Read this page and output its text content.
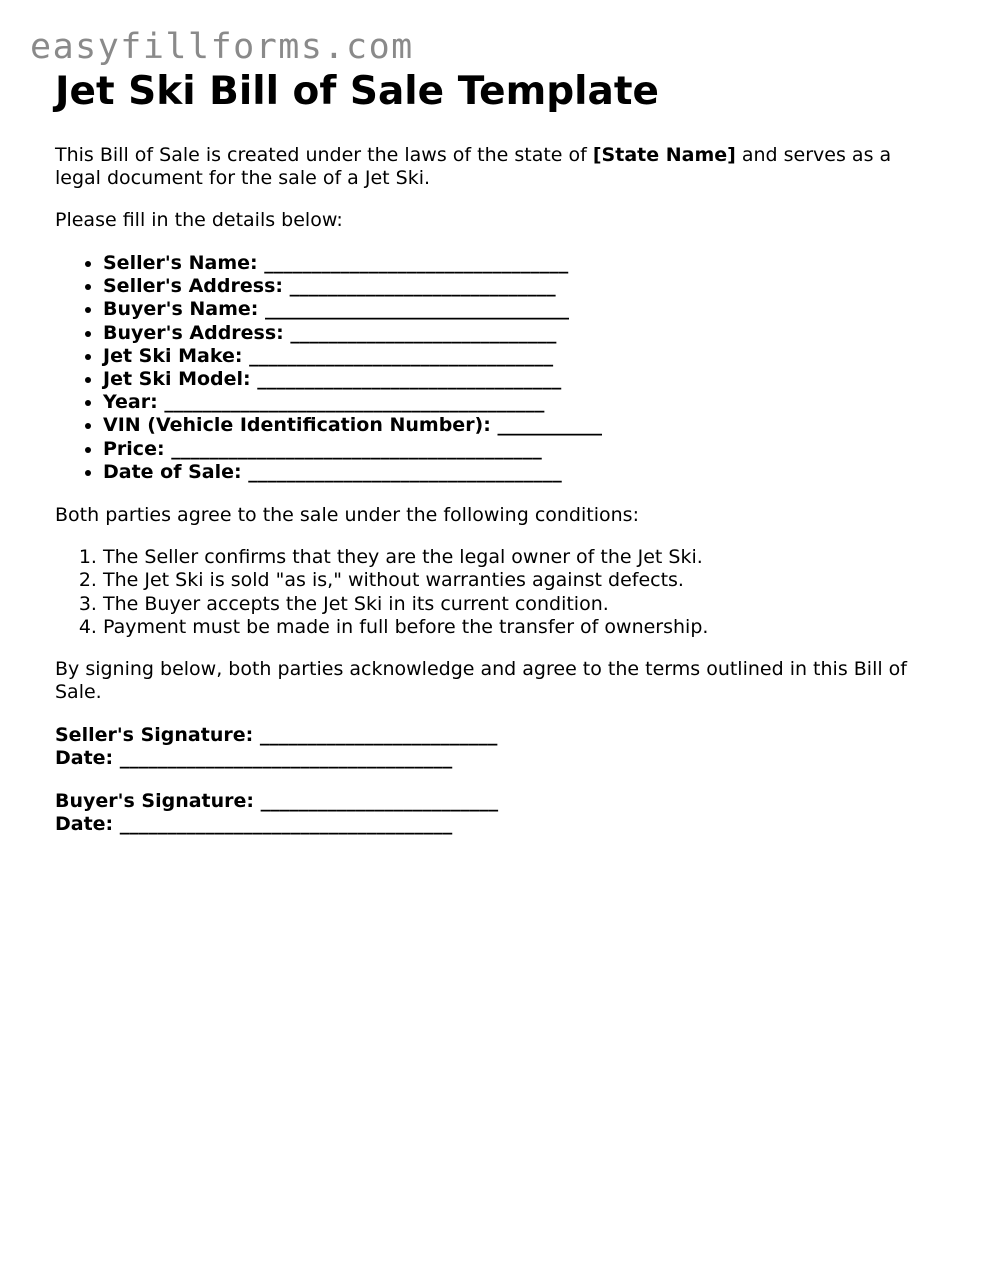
easyfillforms.com
Jet Ski Bill of Sale Template

This Bill of Sale is created under the laws of the state of [State Name] and serves as a legal document for the sale of a Jet Ski.

Please fill in the details below:

• Seller's Name: ________________________________
• Seller's Address: ____________________________
• Buyer's Name: ________________________________
• Buyer's Address: ____________________________
• Jet Ski Make: ________________________________
• Jet Ski Model: ________________________________
• Year: ________________________________________
• VIN (Vehicle Identification Number): ___________
• Price: _______________________________________
• Date of Sale: _________________________________

Both parties agree to the sale under the following conditions:

1. The Seller confirms that they are the legal owner of the Jet Ski.
2. The Jet Ski is sold "as is," without warranties against defects.
3. The Buyer accepts the Jet Ski in its current condition.
4. Payment must be made in full before the transfer of ownership.

By signing below, both parties acknowledge and agree to the terms outlined in this Bill of Sale.

Seller's Signature: _________________________
Date: ___________________________________
Buyer's Signature: _________________________
Date: ___________________________________
